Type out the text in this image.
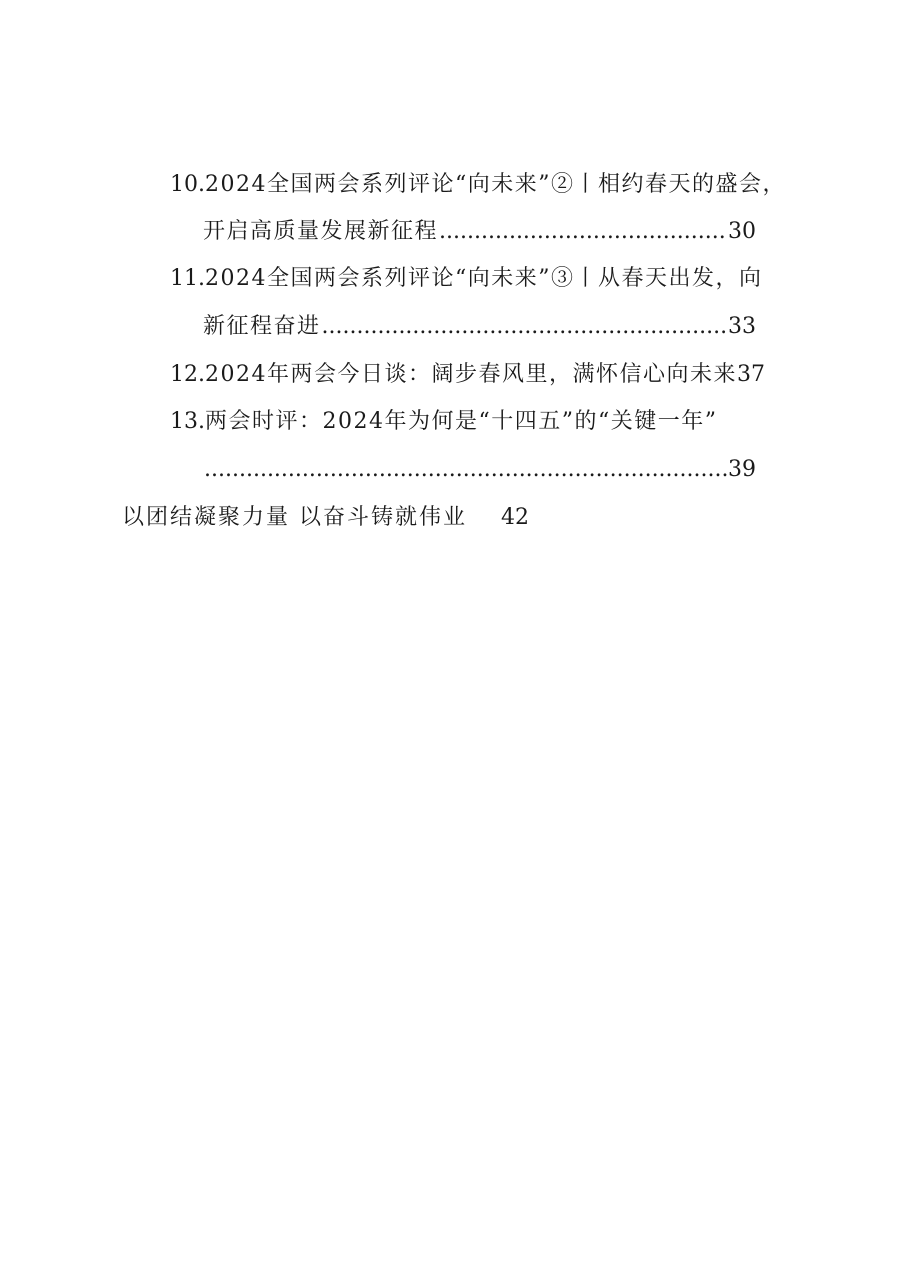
10.2024全国两会系列评论“向未来”②丨相约春天的盛会，
开启高质量发展新征程 .....	30
11.2024全国两会系列评论“向未来”③丨从春天出发，向
新征程奋进 .....	33
12.2024年两会今日谈：阔步春风里，满怀信心向未来37
13.两会时评：2024年为何是“十四五”的“关键一年”
.....
39
以团结凝聚力量 以奋斗铸就伟业 42
